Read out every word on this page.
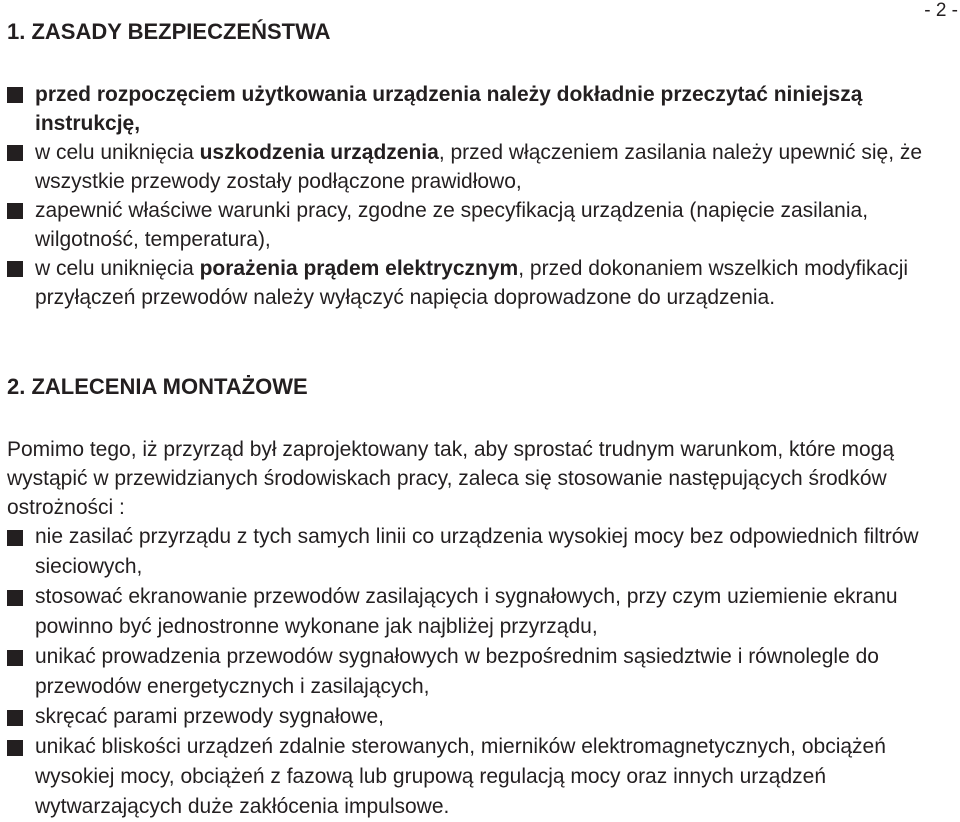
- 2 -
1. ZASADY BEZPIECZEŃSTWA

przed rozpoczęciem użytkowania urządzenia należy dokładnie przeczytać niniejszą instrukcję,

w celu uniknięcia uszkodzenia urządzenia, przed włączeniem zasilania należy upewnić się, że wszystkie przewody zostały podłączone prawidłowo,

zapewnić właściwe warunki pracy, zgodne ze specyfikacją urządzenia (napięcie zasilania, wilgotność, temperatura),

w celu uniknięcia porażenia prądem elektrycznym, przed dokonaniem wszelkich modyfikacji przyłączeń przewodów należy wyłączyć napięcia doprowadzone do urządzenia.

2. ZALECENIA MONTAŻOWE

Pomimo tego, iż przyrząd był zaprojektowany tak, aby sprostać trudnym warunkom, które mogą wystąpić w przewidzianych środowiskach pracy, zaleca się stosowanie następujących środków ostrożności :

nie zasilać przyrządu z tych samych linii co urządzenia wysokiej mocy bez odpowiednich filtrów sieciowych,

stosować ekranowanie przewodów zasilających i sygnałowych, przy czym uziemienie ekranu powinno być jednostronne wykonane jak najbliżej przyrządu,

unikać prowadzenia przewodów sygnałowych w bezpośrednim sąsiedztwie i równolegle do przewodów energetycznych i zasilających,

skręcać parami przewody sygnałowe,

unikać bliskości urządzeń zdalnie sterowanych, mierników elektromagnetycznych, obciążeń wysokiej mocy, obciążeń z fazową lub grupową regulacją mocy oraz innych urządzeń wytwarzających duże zakłócenia impulsowe.
